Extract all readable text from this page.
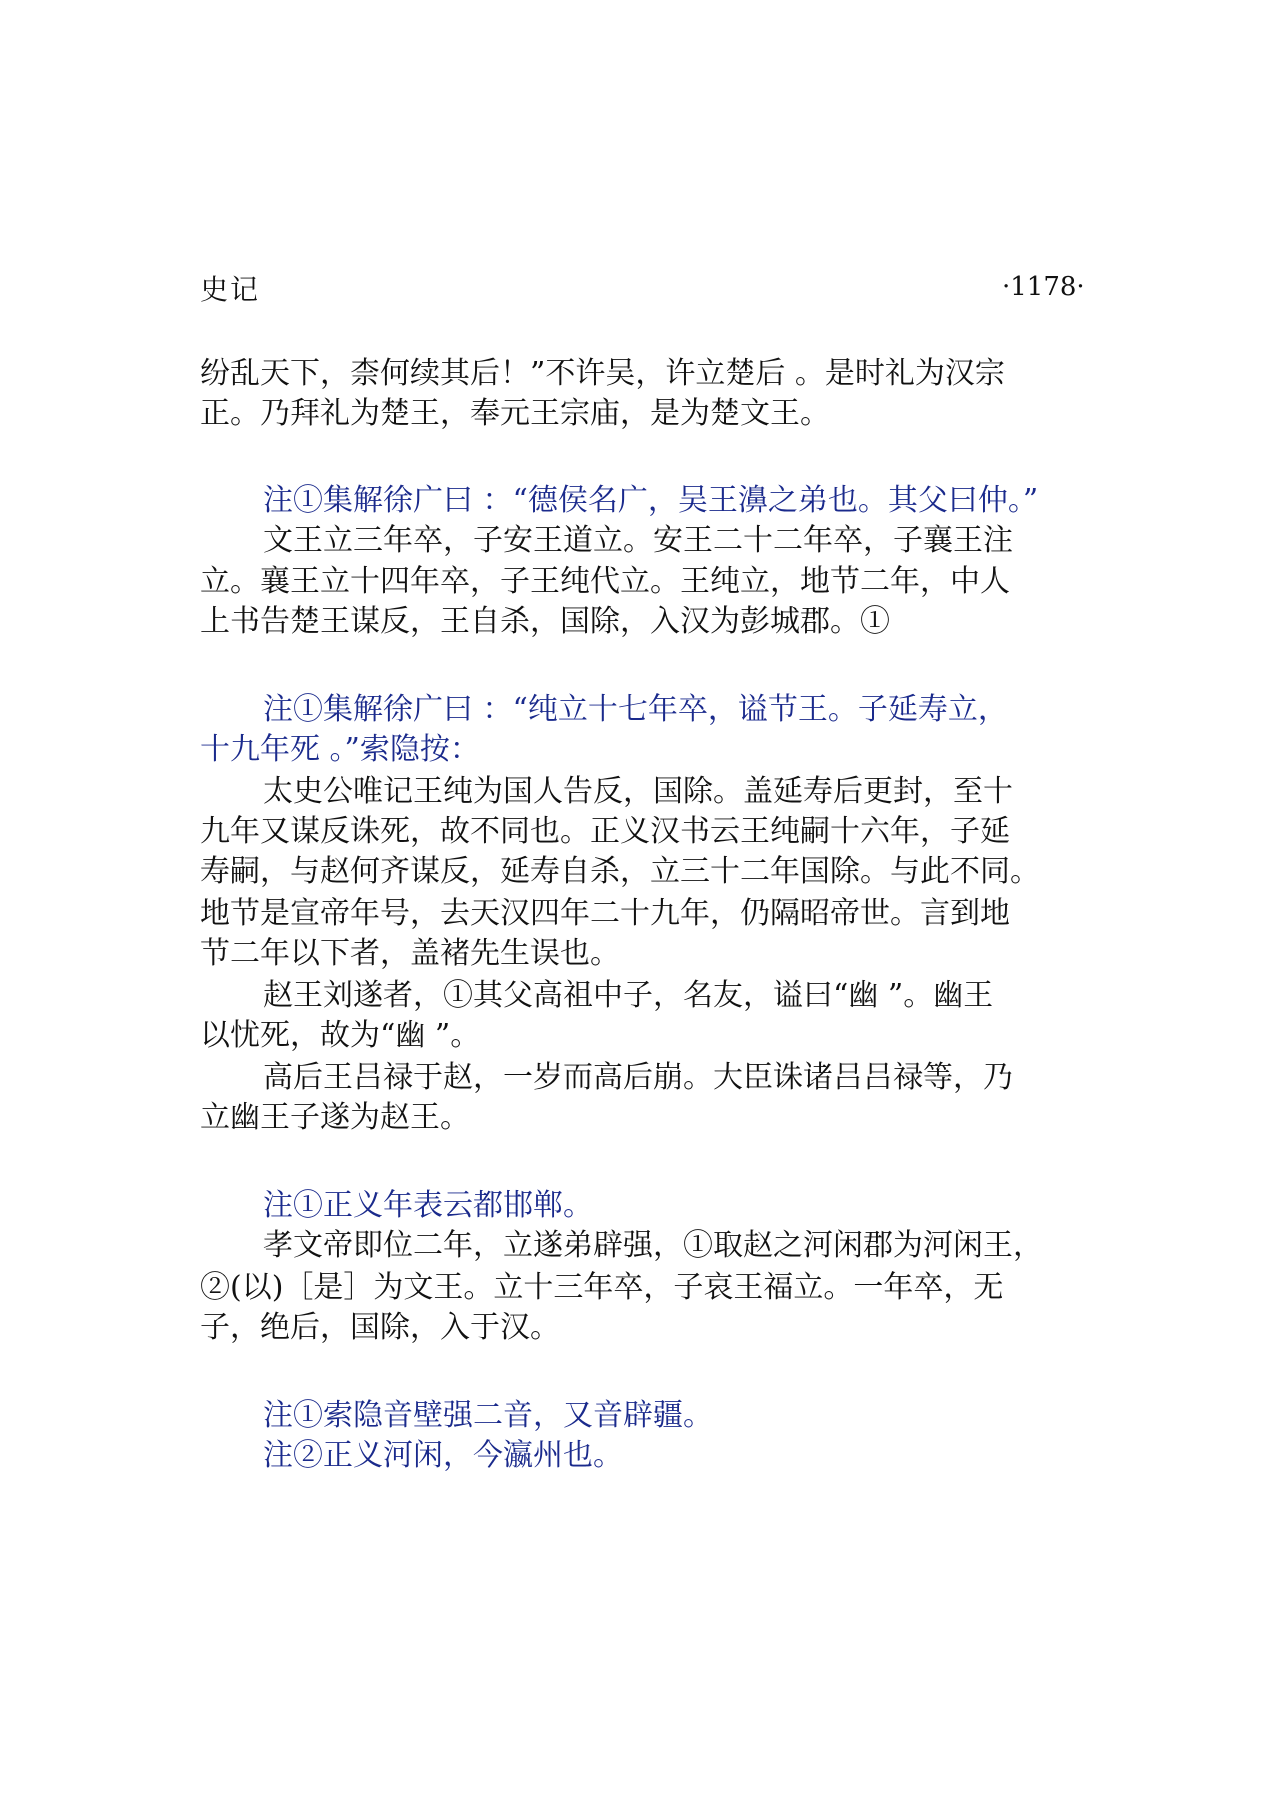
史记	·1178·
纷乱天下，柰何续其后！”不许吴，许立楚后 。是时礼为汉宗
正。乃拜礼为楚王，奉元王宗庙，是为楚文王。
注①集解徐广曰 ：“德侯名广，吴王濞之弟也。其父曰仲。”
文王立三年卒，子安王道立。安王二十二年卒，子襄王注
立。襄王立十四年卒，子王纯代立。王纯立，地节二年，中人
上书告楚王谋反，王自杀，国除，入汉为彭城郡。①
注①集解徐广曰 ：“纯立十七年卒，谥节王。子延寿立，
十九年死 。”索隐按：
太史公唯记王纯为国人告反，国除。盖延寿后更封，至十
九年又谋反诛死，故不同也。正义汉书云王纯嗣十六年，子延
寿嗣，与赵何齐谋反，延寿自杀，立三十二年国除。与此不同。
地节是宣帝年号，去天汉四年二十九年，仍隔昭帝世。言到地
节二年以下者，盖褚先生误也。
赵王刘遂者，①其父高祖中子，名友，谥曰“幽 ”。幽王
以忧死，故为“幽 ”。
高后王吕禄于赵，一岁而高后崩。大臣诛诸吕吕禄等，乃
立幽王子遂为赵王。
注①正义年表云都邯郸。
孝文帝即位二年，立遂弟辟强，①取赵之河闲郡为河闲王，
②(以)［是］为文王。立十三年卒，子哀王福立。一年卒，无
子，绝后，国除，入于汉。
注①索隐音壁强二音，又音辟疆。
注②正义河闲，今瀛州也。
